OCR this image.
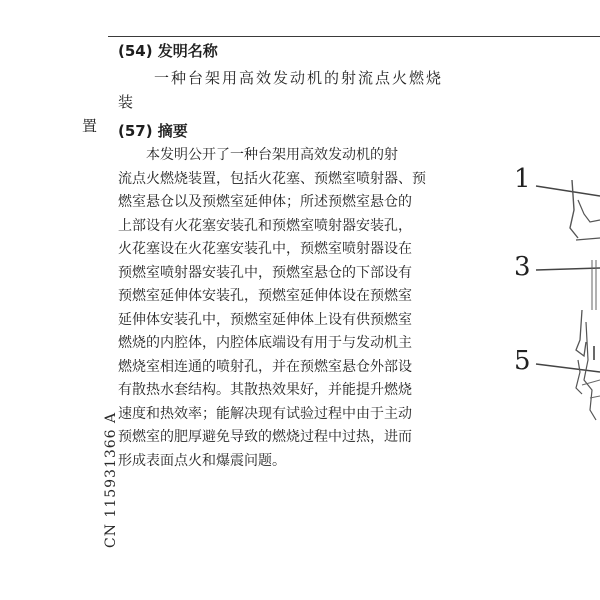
(54) 发明名称
一种台架用高效发动机的射流点火燃烧装
置	(57) 摘要
本发明公开了一种台架用高效发动机的射
流点火燃烧装置，包括火花塞、预燃室喷射器、预
燃室悬仓以及预燃室延伸体；所述预燃室悬仓的
上部设有火花塞安装孔和预燃室喷射器安装孔，
火花塞设在火花塞安装孔中，预燃室喷射器设在
预燃室喷射器安装孔中，预燃室悬仓的下部设有
预燃室延伸体安装孔，预燃室延伸体设在预燃室
延伸体安装孔中，预燃室延伸体上设有供预燃室
燃烧的内腔体，内腔体底端设有用于与发动机主
燃烧室相连通的喷射孔，并在预燃室悬仓外部设
有散热水套结构。其散热效果好，并能提升燃烧
速度和热效率；能解决现有试验过程中由于主动
预燃室的肥厚避免导致的燃烧过程中过热，进而
形成表面点火和爆震问题。
CN 115931366 A
1
3
5
